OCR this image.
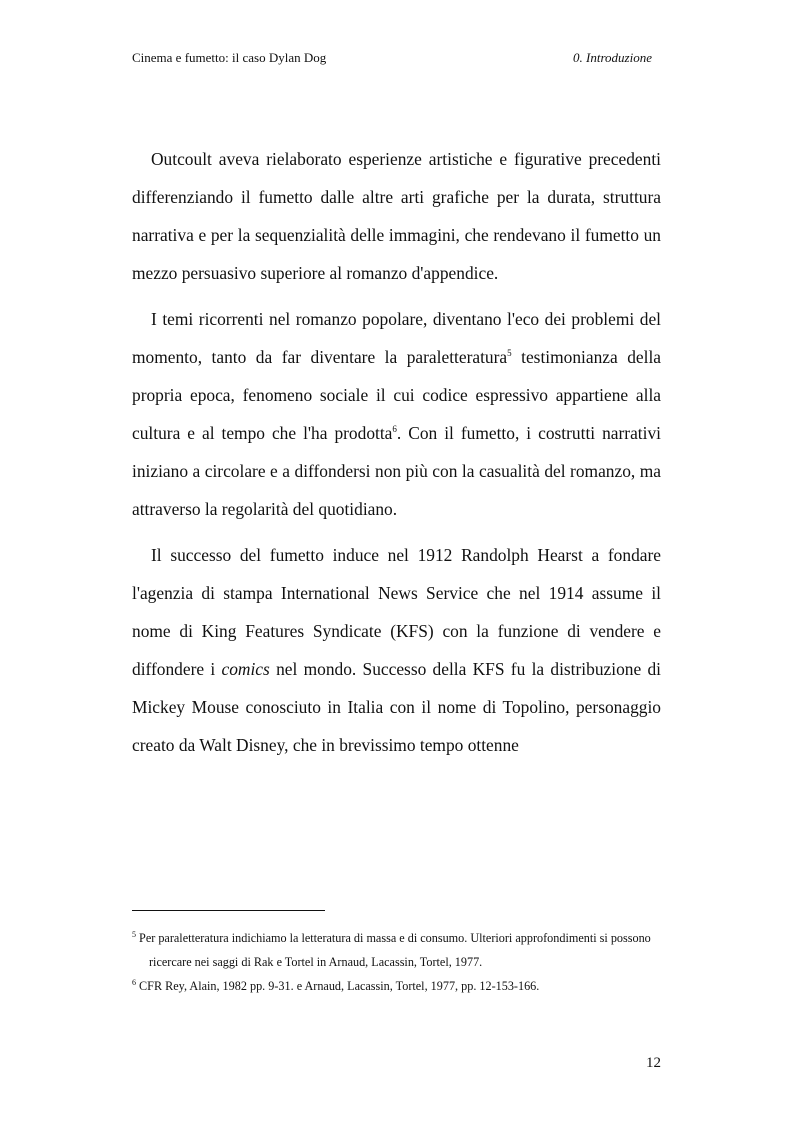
Cinema e fumetto: il caso Dylan Dog	0. Introduzione

Outcoult aveva rielaborato esperienze artistiche e figurative precedenti differenziando il fumetto dalle altre arti grafiche per la durata, struttura narrativa e per la sequenzialità delle immagini, che rendevano il fumetto un mezzo persuasivo superiore al romanzo d'appendice.

I temi ricorrenti nel romanzo popolare, diventano l'eco dei problemi del momento, tanto da far diventare la paraletteratura$^5$ testimonianza della propria epoca, fenomeno sociale il cui codice espressivo appartiene alla cultura e al tempo che l'ha prodotta$^6$. Con il fumetto, i costrutti narrativi iniziano a circolare e a diffondersi non più con la casualità del romanzo, ma attraverso la regolarità del quotidiano.

Il successo del fumetto induce nel 1912 Randolph Hearst a fondare l'agenzia di stampa International News Service che nel 1914 assume il nome di King Features Syndicate (KFS) con la funzione di vendere e diffondere i comics nel mondo. Successo della KFS fu la distribuzione di Mickey Mouse conosciuto in Italia con il nome di Topolino, personaggio creato da Walt Disney, che in brevissimo tempo ottenne

$^5$ Per paraletteratura indichiamo la letteratura di massa e di consumo. Ulteriori approfondimenti si possono ricercare nei saggi di Rak e Tortel in Arnaud, Lacassin, Tortel, 1977.

$^6$ CFR Rey, Alain, 1982 pp. 9-31. e Arnaud, Lacassin, Tortel, 1977, pp. 12-153-166.

12
